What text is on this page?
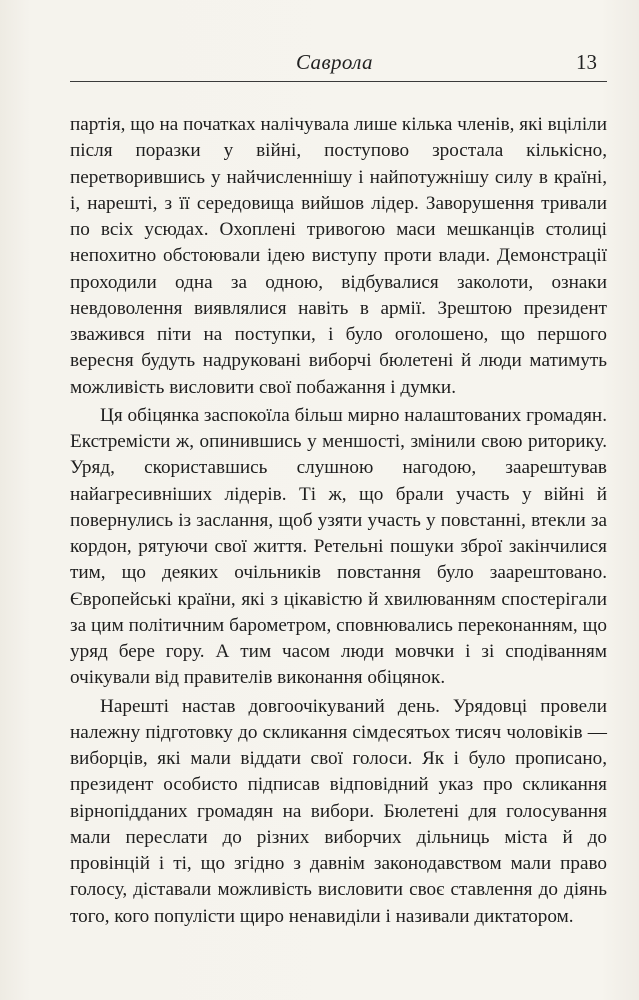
Саврола	13

партія, що на початках налічувала лише кілька членів, які вціліли після поразки у війні, поступово зростала кількісно, перетворившись у найчисленнішу і найпотужнішу силу в країні, і, нарешті, з її середовища вийшов лідер. Заворушення тривали по всіх усюдах. Охоплені тривогою маси мешканців столиці непохитно обстоювали ідею виступу проти влади. Демонстрації проходили одна за одною, відбувалися заколоти, ознаки невдоволення виявлялися навіть в армії. Зрештою президент зважився піти на поступки, і було оголошено, що першого вересня будуть надруковані виборчі бюлетені й люди матимуть можливість висловити свої побажання і думки.

Ця обіцянка заспокоїла більш мирно налаштованих громадян. Екстремісти ж, опинившись у меншості, змінили свою риторику. Уряд, скориставшись слушною нагодою, заарештував найагресивніших лідерів. Ті ж, що брали участь у війні й повернулись із заслання, щоб узяти участь у повстанні, втекли за кордон, рятуючи свої життя. Ретельні пошуки зброї закінчилися тим, що деяких очільників повстання було заарештовано. Європейські країни, які з цікавістю й хвилюванням спостерігали за цим політичним барометром, сповнювались переконанням, що уряд бере гору. А тим часом люди мовчки і зі сподіванням очікували від правителів виконання обіцянок.

Нарешті настав довгоочікуваний день. Урядовці провели належну підготовку до скликання сімдесятьох тисяч чоловіків — виборців, які мали віддати свої голоси. Як і було прописано, президент особисто підписав відповідний указ про скликання вірнопідданих громадян на вибори. Бюлетені для голосування мали переслати до різних виборчих дільниць міста й до провінцій і ті, що згідно з давнім законодавством мали право голосу, діставали можливість висловити своє ставлення до діянь того, кого популісти щиро ненавиділи і називали диктатором.
